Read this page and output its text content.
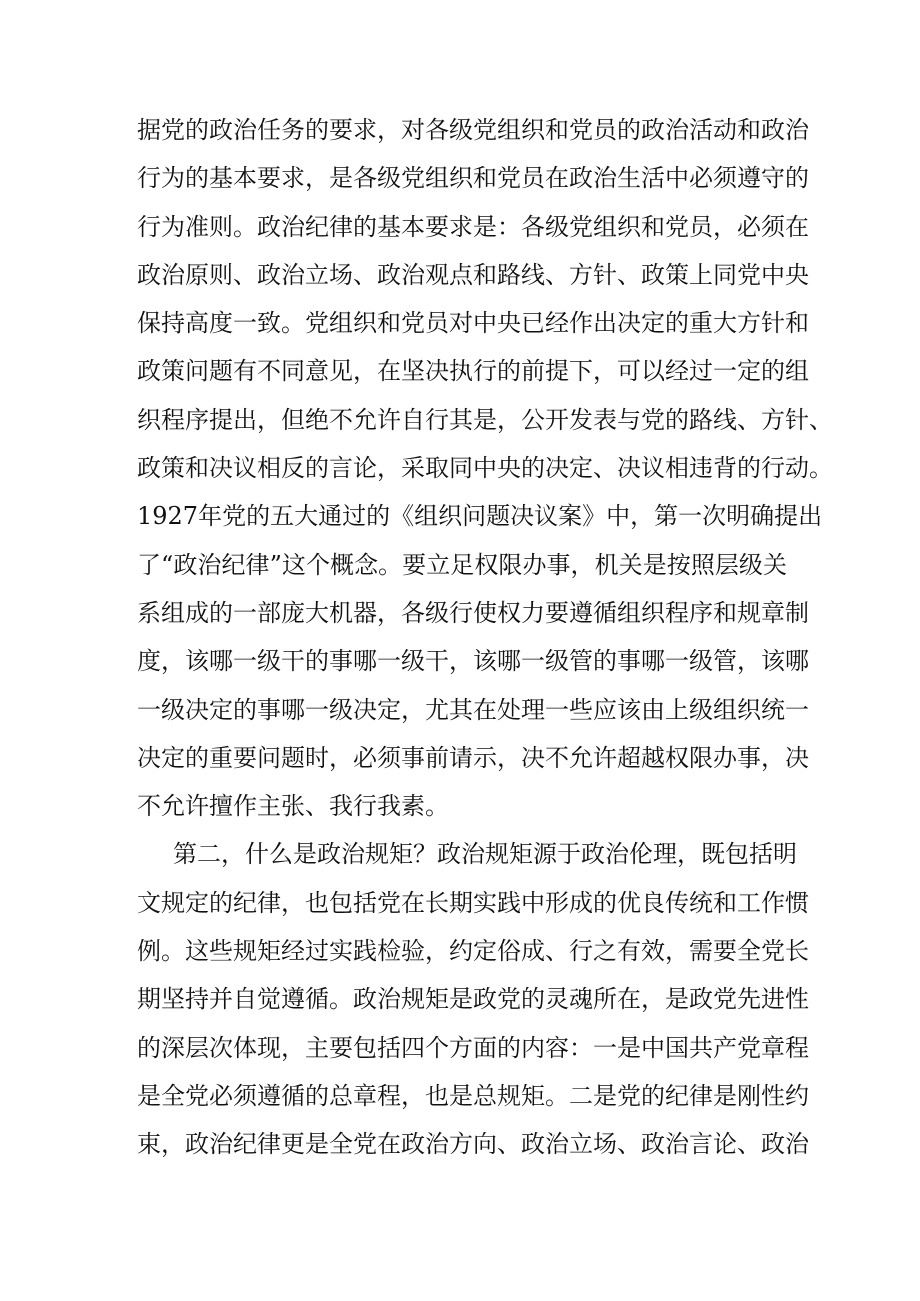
据党的政治任务的要求，对各级党组织和党员的政治活动和政治
行为的基本要求，是各级党组织和党员在政治生活中必须遵守的
行为准则。政治纪律的基本要求是：各级党组织和党员，必须在
政治原则、政治立场、政治观点和路线、方针、政策上同党中央
保持高度一致。党组织和党员对中央已经作出决定的重大方针和
政策问题有不同意见，在坚决执行的前提下，可以经过一定的组
织程序提出，但绝不允许自行其是，公开发表与党的路线、方针、
政策和决议相反的言论，采取同中央的决定、决议相违背的行动。
1927年党的五大通过的《组织问题决议案》中，第一次明确提出
了“政治纪律”这个概念。要立足权限办事，机关是按照层级关
系组成的一部庞大机器，各级行使权力要遵循组织程序和规章制
度，该哪一级干的事哪一级干，该哪一级管的事哪一级管，该哪
一级决定的事哪一级决定，尤其在处理一些应该由上级组织统一
决定的重要问题时，必须事前请示，决不允许超越权限办事，决
不允许擅作主张、我行我素。
第二，什么是政治规矩？政治规矩源于政治伦理，既包括明
文规定的纪律，也包括党在长期实践中形成的优良传统和工作惯
例。这些规矩经过实践检验，约定俗成、行之有效，需要全党长
期坚持并自觉遵循。政治规矩是政党的灵魂所在，是政党先进性
的深层次体现，主要包括四个方面的内容：一是中国共产党章程
是全党必须遵循的总章程，也是总规矩。二是党的纪律是刚性约
束，政治纪律更是全党在政治方向、政治立场、政治言论、政治
